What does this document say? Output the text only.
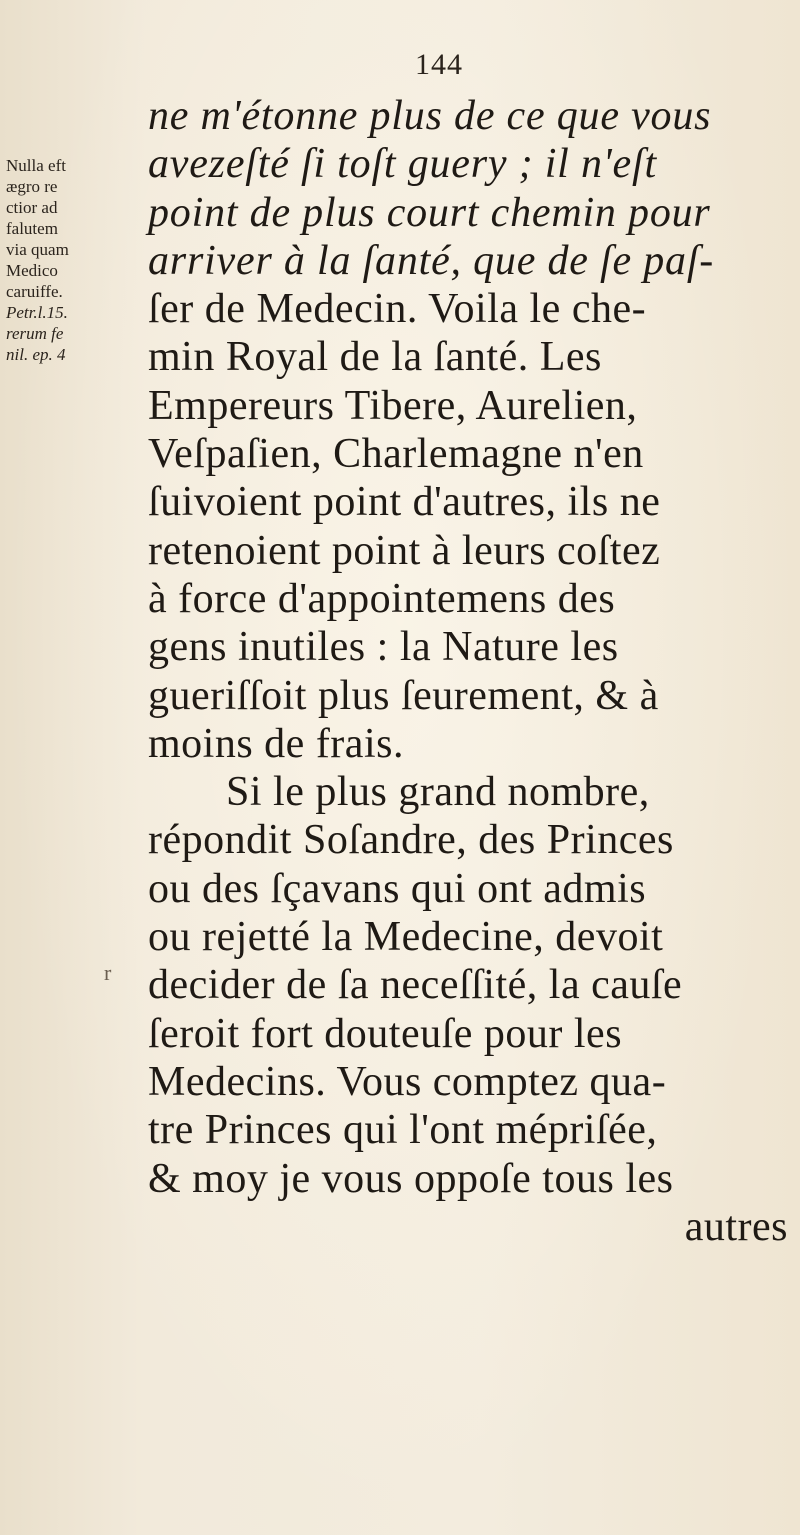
144
Nulla eft
ægro re
ctior ad
falutem
via quam
Medico
caruiffe.
Petr.l.15.
rerum fe
nil. ep. 4
r
ne m'étonne plus de ce que vous
avezeſté ſi toſt guery ; il n'eſt
point de plus court chemin pour
arriver à la ſanté, que de ſe paſ-
ſer de Medecin. Voila le che-
min Royal de la ſanté. Les
Empereurs Tibere, Aurelien,
Veſpaſien, Charlemagne n'en
ſuivoient point d'autres, ils ne
retenoient point à leurs coſtez
à force d'appointemens des
gens inutiles : la Nature les
gueriſſoit plus ſeurement, & à
moins de frais.
Si le plus grand nombre,
répondit Soſandre, des Princes
ou des ſçavans qui ont admis
ou rejetté la Medecine, devoit
decider de ſa neceſſité, la cauſe
ſeroit fort douteuſe pour les
Medecins. Vous comptez qua-
tre Princes qui l'ont mépriſée,
& moy je vous oppoſe tous les
autres
